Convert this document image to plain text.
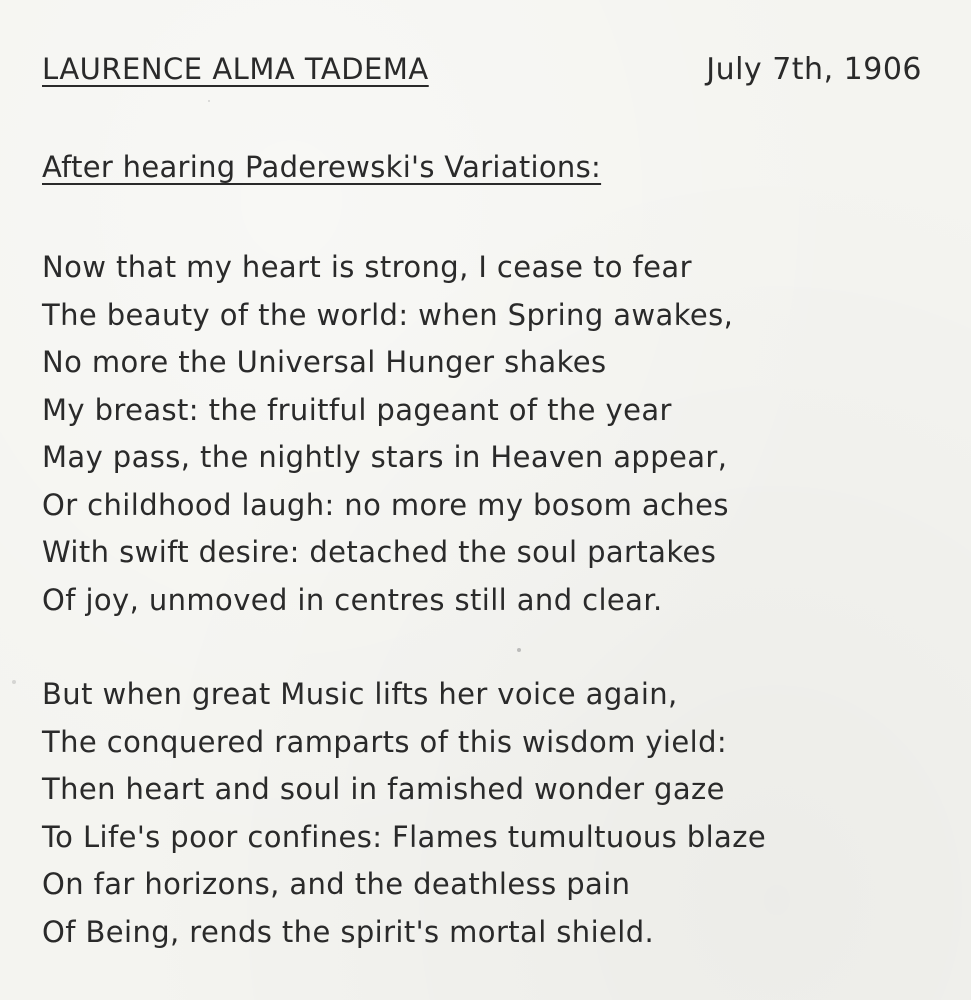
LAURENCE ALMA TADEMA	July 7th, 1906
After hearing Paderewski's Variations:
Now that my heart is strong, I cease to fear
The beauty of the world: when Spring awakes,
No more the Universal Hunger shakes
My breast: the fruitful pageant of the year
May pass, the nightly stars in Heaven appear,
Or childhood laugh: no more my bosom aches
With swift desire: detached the soul partakes
Of joy, unmoved in centres still and clear.
But when great Music lifts her voice again,
The conquered ramparts of this wisdom yield:
Then heart and soul in famished wonder gaze
To Life's poor confines: Flames tumultuous blaze
On far horizons, and the deathless pain
Of Being, rends the spirit's mortal shield.
